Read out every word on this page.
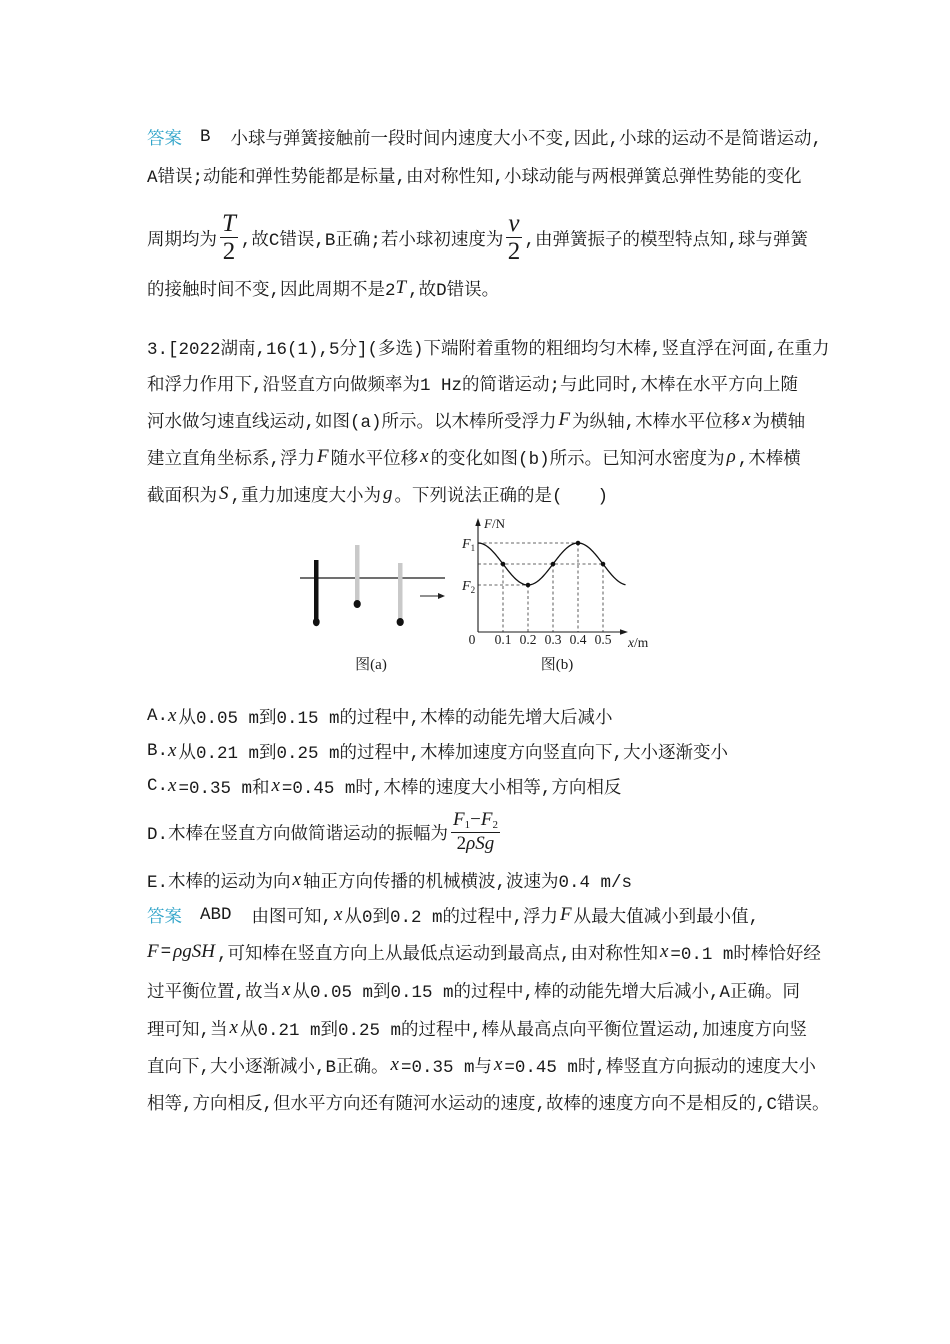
答案 B 小球与弹簧接触前一段时间内速度大小不变,因此,小球的运动不是简谐运动,
A错误;动能和弹性势能都是标量,由对称性知,小球动能与两根弹簧总弹性势能的变化
周期均为 $\frac{T}{2}$ ,故C错误,B正确;若小球初速度为 $\frac{v}{2}$ ,由弹簧振子的模型特点知,球与弹簧
的接触时间不变,因此周期不是2 T ,故D错误。
3.[2022湖南,16(1),5分](多选)下端附着重物的粗细均匀木棒,竖直浮在河面,在重力
和浮力作用下,沿竖直方向做频率为1 Hz的简谐运动;与此同时,木棒在水平方向上随
河水做匀速直线运动,如图(a)所示。以木棒所受浮力 F 为纵轴,木棒水平位移 x 为横轴
建立直角坐标系,浮力 F 随水平位移 x 的变化如图(b)所示。已知河水密度为 ρ ,木棒横
截面积为 S ,重力加速度大小为 g 。下列说法正确的是(　　)
图(a)
0.1 0.2 0.3 0.4 0.5
F/N
x/m
0
$F_1$
$F_2$
图(b)
A. x 从0.05 m到0.15 m的过程中,木棒的动能先增大后减小
B. x 从0.21 m到0.25 m的过程中,木棒加速度方向竖直向下,大小逐渐变小
C. x =0.35 m和 x =0.45 m时,木棒的速度大小相等,方向相反
D.木棒在竖直方向做简谐运动的振幅为 $\frac{F_1-F_2}{\text{2ρSg}}$
E.木棒的运动为向 x 轴正方向传播的机械横波,波速为0.4 m/s
答案 ABD 由图可知, x 从0到0.2 m的过程中,浮力 F 从最大值减小到最小值,
F = ρgSH ,可知棒在竖直方向上从最低点运动到最高点,由对称性知 x =0.1 m时棒恰好经
过平衡位置,故当 x 从0.05 m到0.15 m的过程中,棒的动能先增大后减小,A正确。同
理可知,当 x 从0.21 m到0.25 m的过程中,棒从最高点向平衡位置运动,加速度方向竖
直向下,大小逐渐减小,B正确。 x =0.35 m与 x =0.45 m时,棒竖直方向振动的速度大小
相等,方向相反,但水平方向还有随河水运动的速度,故棒的速度方向不是相反的,C错误。
